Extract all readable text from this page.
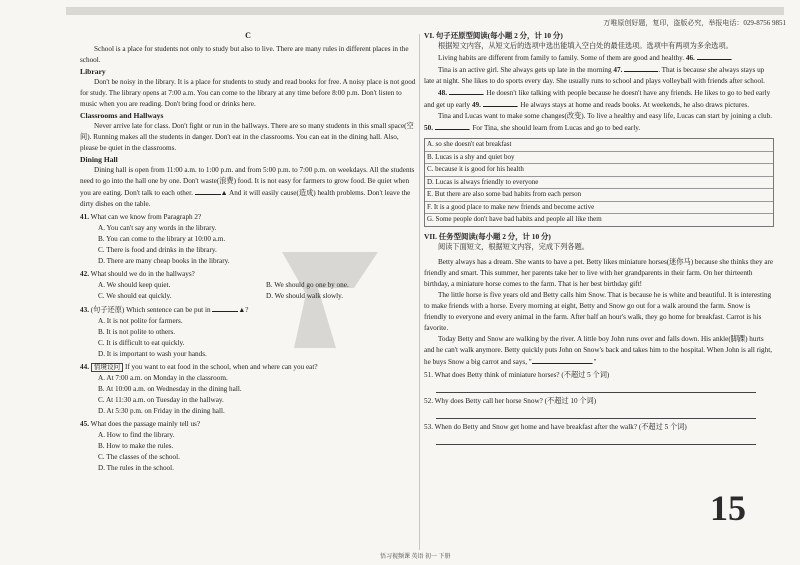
万唯原创好题，复印，盗版必究，举报电话：029-8756 9851

C

School is a place for students not only to study but also to live. There are many rules in different places in the school.

Library

Don't be noisy in the library. It is a place for students to study and read books for free. A noisy place is not good for study. The library opens at 7:00 a.m. You can come to the library at any time before 8:00 p.m. Don't listen to music when you are reading. Don't bring food or drinks here.

Classrooms and Hallways

Never arrive late for class. Don't fight or run in the hallways. There are so many students in this small space(空间). Running makes all the students in danger. Don't eat in the classrooms. You can eat in the dining hall. Also, please be quiet in the classrooms.

Dining Hall

Dining hall is open from 11:00 a.m. to 1:00 p.m. and from 5:00 p.m. to 7:00 p.m. on weekdays. All the students need to go into the hall one by one. Don't waste(浪费) food. It is not easy for farmers to grow food. Be quiet when you are eating. Don't talk to each other.	▲ And it will easily cause(造成) health problems. Don't leave the dirty dishes on the table.

41. What can we know from Paragraph 2?

A. You can't say any words in the library.

B. You can come to the library at 10:00 a.m.

C. There is food and drinks in the library.

D. There are many cheap books in the library.

42. What should we do in the hallways?

A. We should keep quiet.	B. We should go one by one.

C. We should eat quickly.	D. We should walk slowly.

43. (句子还原) Which sentence can be put in	▲?

A. It is not polite for farmers.

B. It is not polite to others.

C. It is difficult to eat quickly.

D. It is important to wash your hands.

44. 情境设问 If you want to eat food in the school, when and where can you eat?

A. At 7:00 a.m. on Monday in the classroom.

B. At 10:00 a.m. on Wednesday in the dining hall.

C. At 11:30 a.m. on Tuesday in the hallway.

D. At 5:30 p.m. on Friday in the dining hall.

45. What does the passage mainly tell us?

A. How to find the library.

B. How to make the rules.

C. The classes of the school.

D. The rules in the school.

VI. 句子还原型阅读(每小题 2 分，计 10 分)

根据短文内容，从短文后的选项中选出能填入空白处的最佳选项。选项中有两项为多余选项。

Living habits are different from family to family. Some of them are good and healthy. 46.	.

Tina is an active girl. She always gets up late in the morning 47.	. That is because she always stays up late at night. She likes to do sports every day. She usually runs to school and plays volleyball with friends after school.

48.	. He doesn't like talking with people because he doesn't have any friends. He likes to go to bed early and get up early 49.	. He always stays at home and reads books. At weekends, he also draws pictures.

Tina and Lucas want to make some changes(改变). To live a healthy and easy life, Lucas can start by joining a club. 50.	. For Tina, she should learn from Lucas and go to bed early.

A. so she doesn't eat breakfast
B. Lucas is a shy and quiet boy
C. because it is good for his health
D. Lucas is always friendly to everyone
E. But there are also some bad habits from each person
F. It is a good place to make new friends and become active
G. Some people don't have bad habits and people all like them

VII. 任务型阅读(每小题 2 分，计 10 分)

阅读下面短文，根据短文内容，完成下列各题。

Betty always has a dream. She wants to have a pet. Betty likes miniature horses(迷你马) because she thinks they are friendly and smart. This summer, her parents take her to live with her grandparents in their farm. On her thirteenth birthday, a miniature horse comes to the farm. That is her best birthday gift!

The little horse is five years old and Betty calls him Snow. That is because he is white and beautiful. It is interesting to make friends with a horse. Every morning at eight, Betty and Snow go out for a walk around the farm. Snow is friendly to everyone and every animal in the farm. After half an hour's walk, they go home for breakfast. Carrot is his favorite.

Today Betty and Snow are walking by the river. A little boy John runs over and falls down. His ankle(脚踝) hurts and he can't walk anymore. Betty quickly puts John on Snow's back and takes him to the hospital. When John is all right, he buys Snow a big carrot and says, "	."

51. What does Betty think of miniature horses? (不超过 5 个词)

52. Why does Betty call her horse Snow? (不超过 10 个词)

53. When do Betty and Snow get home and have breakfast after the walk? (不超过 5 个词)

15
悟习视频课 英语 初一 下册
